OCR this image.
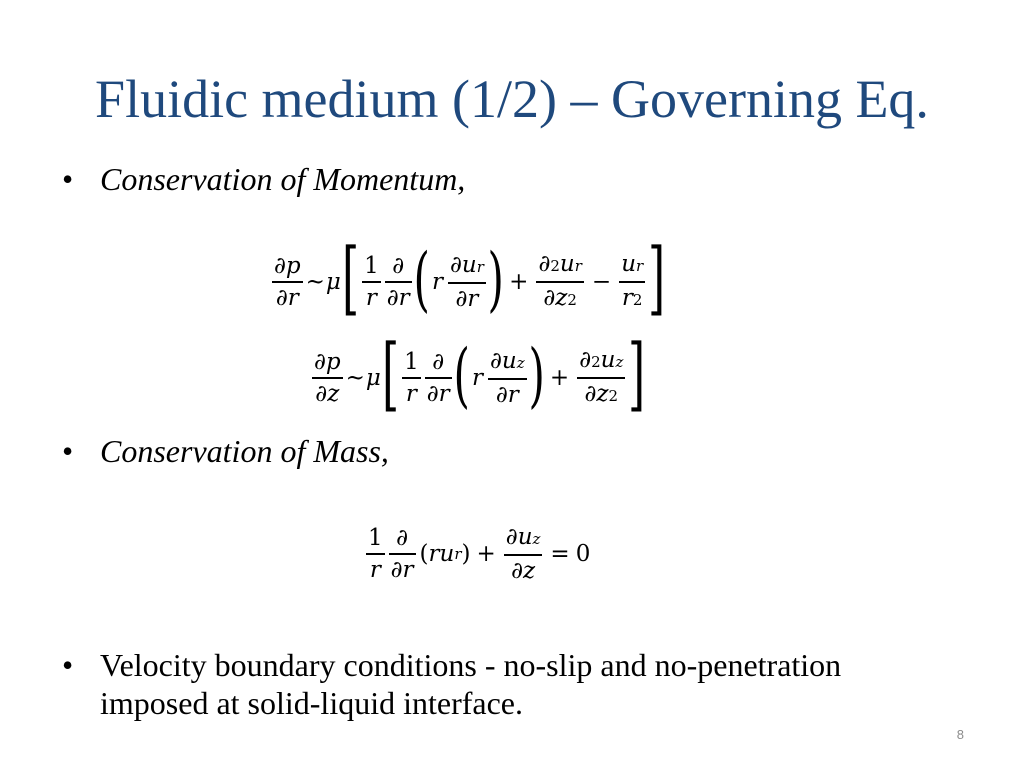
Fluidic medium (1/2) – Governing Eq.
• Conservation of Momentum,
$\frac{\partial p}{\partial r}$ ~ μ [ $\frac{1}{r} \frac{\partial}{\partial r}$ ( r $\frac{\text{∂ u r}}{\partial r}$ ) + $\frac{\text{∂ 2 u r}}{\partial z 2} - \frac{\text{u r}}{r 2}$ ]
$\frac{\partial p}{\partial z}$ ~ μ [ $\frac{1}{r} \frac{\partial}{\partial r}$ ( r $\frac{\text{∂ u z}}{\partial r}$ ) + $\frac{\text{∂ 2 u z}}{\partial z 2}$ ]
• Conservation of Mass,
$\frac{1}{r} \frac{\partial}{\partial r}$ ( ru r ) + $\frac{\text{∂ u z}}{\partial z} = 0$
• Velocity boundary conditions - no-slip and no-penetration
imposed at solid-liquid interface.
8
